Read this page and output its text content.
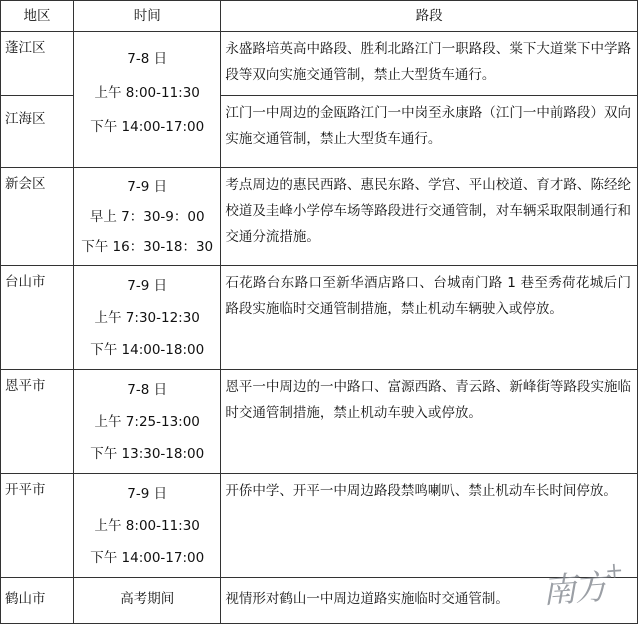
地区	时间	路段

蓬江区	7-8 日
上午 8:00-11:30
下午 14:00-17:00	永盛路培英高中路段、胜利北路江门一职路段、棠下大道棠下中学路段等双向实施交通管制，禁止大型货车通行。

江海区		江门一中周边的金瓯路江门一中岗至永康路（江门一中前路段）双向实施交通管制，禁止大型货车通行。

新会区	7-9 日
早上 7：30-9：00
下午 16：30-18：30	考点周边的惠民西路、惠民东路、学宫、平山校道、育才路、陈经纶校道及圭峰小学停车场等路段进行交通管制，对车辆采取限制通行和交通分流措施。

台山市	7-9 日
上午 7:30-12:30
下午 14:00-18:00	石花路台东路口至新华酒店路口、台城南门路 1 巷至秀荷花城后门路段实施临时交通管制措施，禁止机动车辆驶入或停放。

恩平市	7-8 日
上午 7:25-13:00
下午 13:30-18:00	恩平一中周边的一中路口、富源西路、青云路、新峰街等路段实施临时交通管制措施，禁止机动车驶入或停放。

开平市	7-9 日
上午 8:00-11:30
下午 14:00-17:00	开侨中学、开平一中周边路段禁鸣喇叭、禁止机动车长时间停放。

鹤山市	高考期间	视情形对鹤山一中周边道路实施临时交通管制。 南方+
